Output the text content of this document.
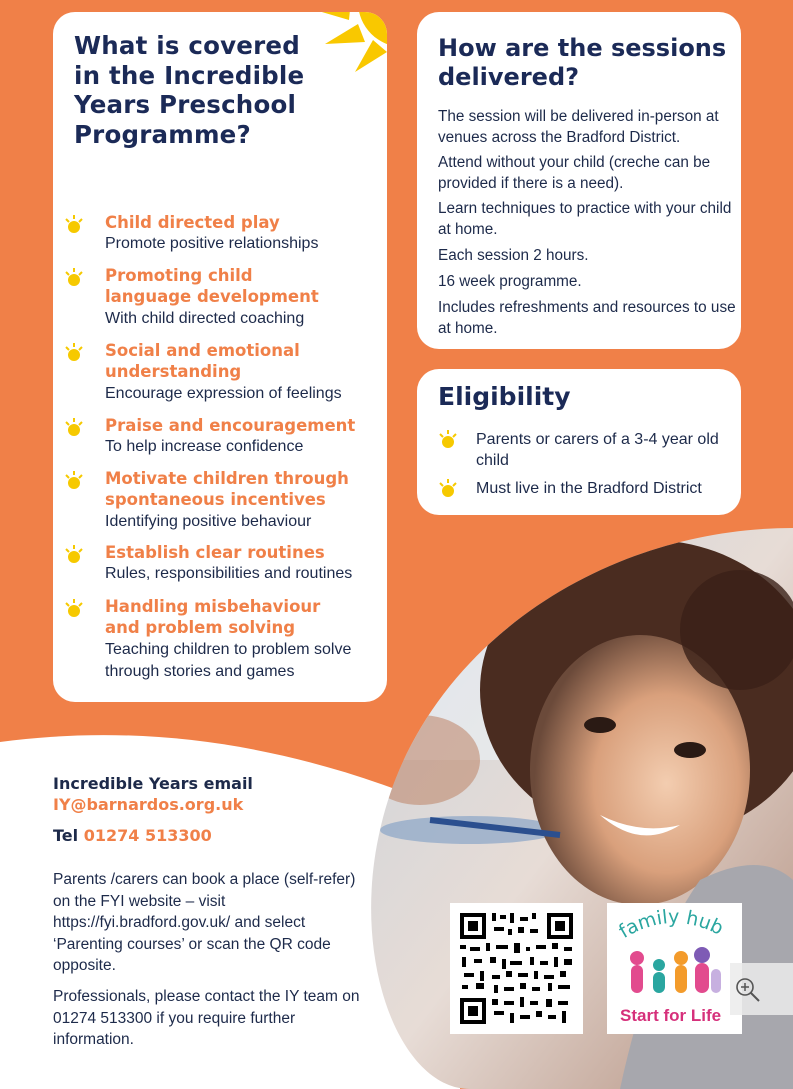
What is covered in the Incredible Years Preschool Programme?
Child directed play
Promote positive relationships
Promoting child language development
With child directed coaching
Social and emotional understanding
Encourage expression of feelings
Praise and encouragement
To help increase confidence
Motivate children through spontaneous incentives
Identifying positive behaviour
Establish clear routines
Rules, responsibilities and routines
Handling misbehaviour and problem solving
Teaching children to problem solve through stories and games
How are the sessions delivered?
The session will be delivered in-person at venues across the Bradford District.
Attend without your child (creche can be provided if there is a need).
Learn techniques to practice with your child at home.
Each session 2 hours.
16 week programme.
Includes refreshments and resources to use at home.
Eligibility
Parents or carers of a 3-4 year old child
Must live in the Bradford District
Incredible Years email
IY@barnardos.org.uk
Tel 01274 513300
Parents /carers can book a place (self-refer) on the FYI website – visit https://fyi.bradford.gov.uk/ and select ‘Parenting courses’ or scan the QR code opposite.
Professionals, please contact the IY team on 01274 513300 if you require further information.
family hub
Start for Life
